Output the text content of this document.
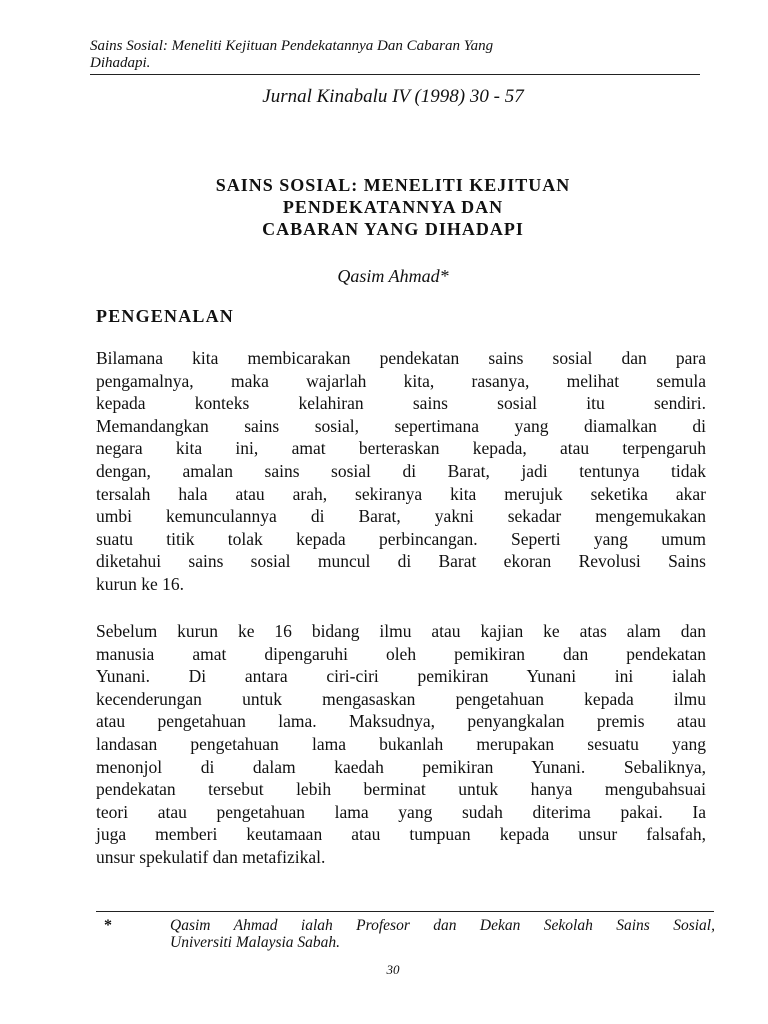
Sains Sosial: Meneliti Kejituan Pendekatannya Dan Cabaran Yang
Dihadapi.
Jurnal Kinabalu IV (1998) 30 - 57
SAINS SOSIAL: MENELITI KEJITUAN
PENDEKATANNYA DAN
CABARAN YANG DIHADAPI
Qasim Ahmad*
PENGENALAN
Bilamana kita membicarakan pendekatan sains sosial dan para
pengamalnya, maka wajarlah kita, rasanya, melihat semula
kepada konteks kelahiran sains sosial itu sendiri.
Memandangkan sains sosial, sepertimana yang diamalkan di
negara kita ini, amat berteraskan kepada, atau terpengaruh
dengan, amalan sains sosial di Barat, jadi tentunya tidak
tersalah hala atau arah, sekiranya kita merujuk seketika akar
umbi kemunculannya di Barat, yakni sekadar mengemukakan
suatu titik tolak kepada perbincangan. Seperti yang umum
diketahui sains sosial muncul di Barat ekoran Revolusi Sains
kurun ke 16.
Sebelum kurun ke 16 bidang ilmu atau kajian ke atas alam dan
manusia amat dipengaruhi oleh pemikiran dan pendekatan
Yunani. Di antara ciri-ciri pemikiran Yunani ini ialah
kecenderungan untuk mengasaskan pengetahuan kepada ilmu
atau pengetahuan lama. Maksudnya, penyangkalan premis atau
landasan pengetahuan lama bukanlah merupakan sesuatu yang
menonjol di dalam kaedah pemikiran Yunani. Sebaliknya,
pendekatan tersebut lebih berminat untuk hanya mengubahsuai
teori atau pengetahuan lama yang sudah diterima pakai. Ia
juga memberi keutamaan atau tumpuan kepada unsur falsafah,
unsur spekulatif dan metafizikal.
*	Qasim Ahmad ialah Profesor dan Dekan Sekolah Sains Sosial,
Universiti Malaysia Sabah.
30
